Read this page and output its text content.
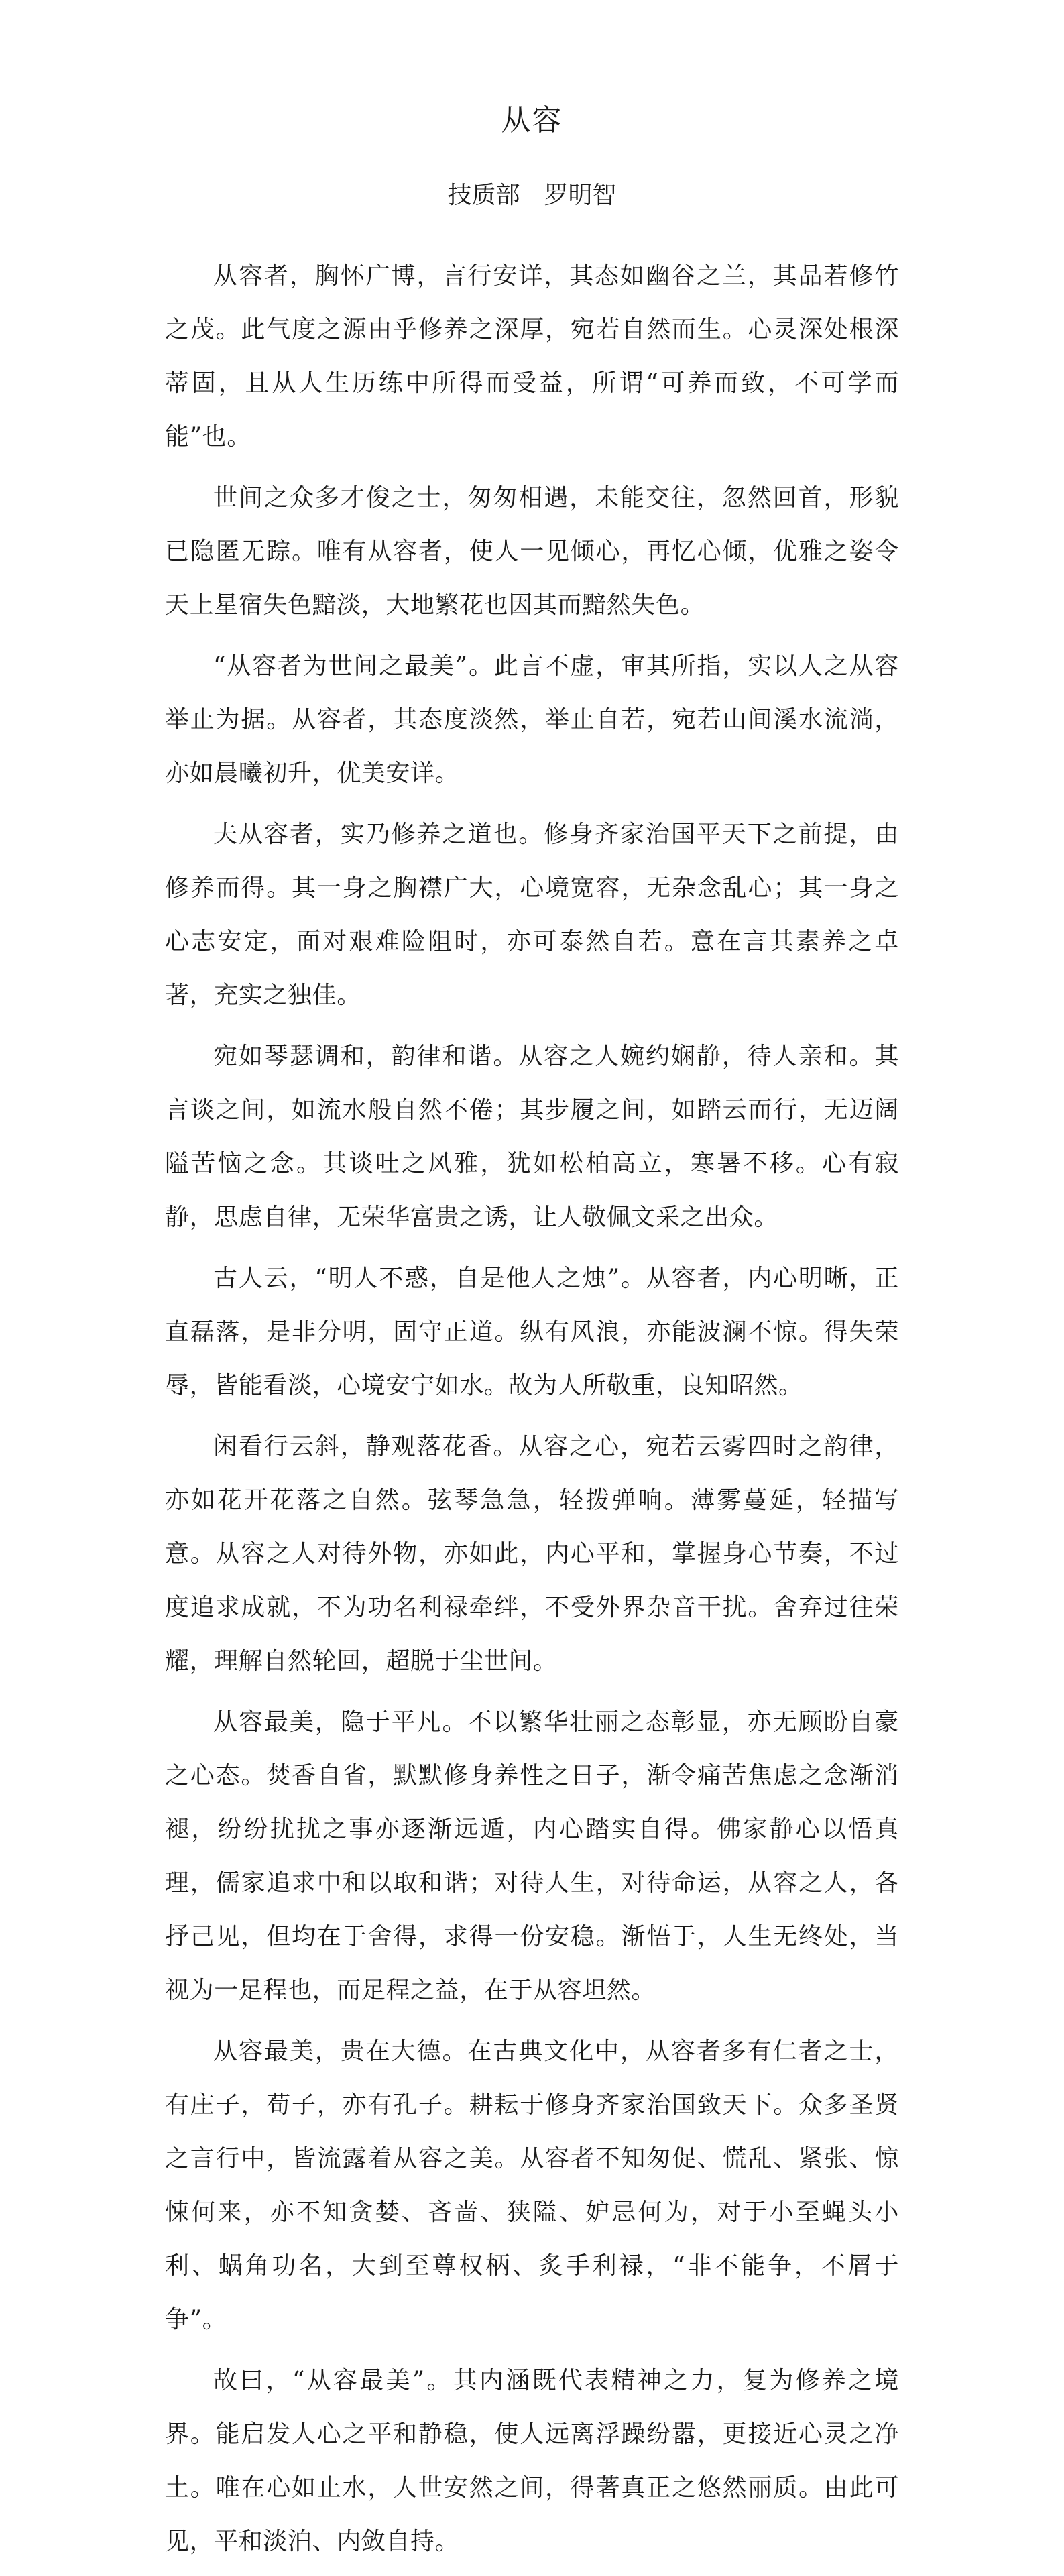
从容
技质部 罗明智

从容者，胸怀广博，言行安详，其态如幽谷之兰，其品若修竹之茂。此气度之源由乎修养之深厚，宛若自然而生。心灵深处根深蒂固，且从人生历练中所得而受益，所谓“可养而致，不可学而能”也。

世间之众多才俊之士，匆匆相遇，未能交往，忽然回首，形貌已隐匿无踪。唯有从容者，使人一见倾心，再忆心倾，优雅之姿令天上星宿失色黯淡，大地繁花也因其而黯然失色。

“从容者为世间之最美”。此言不虚，审其所指，实以人之从容举止为据。从容者，其态度淡然，举止自若，宛若山间溪水流淌，亦如晨曦初升，优美安详。

夫从容者，实乃修养之道也。修身齐家治国平天下之前提，由修养而得。其一身之胸襟广大，心境宽容，无杂念乱心；其一身之心志安定，面对艰难险阻时，亦可泰然自若。意在言其素养之卓著，充实之独佳。

宛如琴瑟调和，韵律和谐。从容之人婉约娴静，待人亲和。其言谈之间，如流水般自然不倦；其步履之间，如踏云而行，无迈阔隘苦恼之念。其谈吐之风雅，犹如松柏高立，寒暑不移。心有寂静，思虑自律，无荣华富贵之诱，让人敬佩文采之出众。

古人云，“明人不惑，自是他人之烛”。从容者，内心明晰，正直磊落，是非分明，固守正道。纵有风浪，亦能波澜不惊。得失荣辱，皆能看淡，心境安宁如水。故为人所敬重，良知昭然。

闲看行云斜，静观落花香。从容之心，宛若云雾四时之韵律，亦如花开花落之自然。弦琴急急，轻拨弹响。薄雾蔓延，轻描写意。从容之人对待外物，亦如此，内心平和，掌握身心节奏，不过度追求成就，不为功名利禄牵绊，不受外界杂音干扰。舍弃过往荣耀，理解自然轮回，超脱于尘世间。

从容最美，隐于平凡。不以繁华壮丽之态彰显，亦无顾盼自豪之心态。焚香自省，默默修身养性之日子，渐令痛苦焦虑之念渐消褪，纷纷扰扰之事亦逐渐远遁，内心踏实自得。佛家静心以悟真理，儒家追求中和以取和谐；对待人生，对待命运，从容之人，各抒己见，但均在于舍得，求得一份安稳。渐悟于，人生无终处，当视为一足程也，而足程之益，在于从容坦然。

从容最美，贵在大德。在古典文化中，从容者多有仁者之士，有庄子，荀子，亦有孔子。耕耘于修身齐家治国致天下。众多圣贤之言行中，皆流露着从容之美。从容者不知匆促、慌乱、紧张、惊悚何来，亦不知贪婪、吝啬、狭隘、妒忌何为，对于小至蝇头小利、蜗角功名，大到至尊权柄、炙手利禄，“非不能争，不屑于争”。

故曰，“从容最美”。其内涵既代表精神之力，复为修养之境界。能启发人心之平和静稳，使人远离浮躁纷嚣，更接近心灵之净土。唯在心如止水，人世安然之间，得著真正之悠然丽质。由此可见，平和淡泊、内敛自持。
